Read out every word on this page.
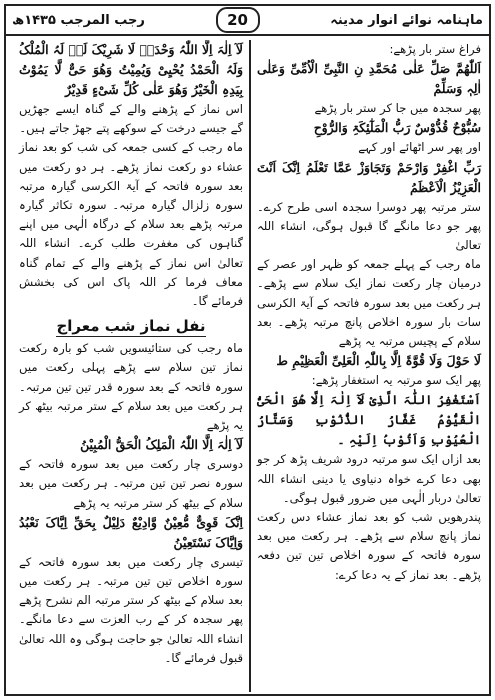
رجب المرجب ۱۴۳۵ھ	20	ماہنامہ نوائے انوار مدینہ

فراغ ستر بار پڑھے:

اَللّٰھُمَّ صَلِّ عَلٰی مُحَمَّدِ نِ النَّبِیِّ الْاُمِّیِّ وَعَلٰی اٰلِہٖ وَسَلِّمْ

پھر سجدہ میں جا کر ستر بار پڑھے

سُبُّوْحٌ قُدُّوْسٌ رَبُّ الْمَلٰٓئِکَۃِ وَالرُّوْحِ

اور پھر سر اٹھائے اور کہے

رَبِّ اغْفِرْ وَارْحَمْ وَتَجَاوَزْ عَمَّا تَعْلَمُ اِنَّکَ اَنْتَ الْعَزِیْزُ الْاَعْظَمُ

ستر مرتبہ پھر دوسرا سجدہ اسی طرح کرے۔ پھر جو دعا مانگے گا قبول ہوگی، انشاء اللہ تعالیٰ

ماہ رجب کے پہلے جمعہ کو ظہر اور عصر کے درمیان چار رکعت نماز ایک سلام سے پڑھے۔ ہر رکعت میں بعد سورہ فاتحہ کے آیۃ الکرسی سات بار سورہ اخلاص پانچ مرتبہ پڑھے۔ بعد سلام کے پچیس مرتبہ یہ پڑھے

لَا حَوْلَ وَلَا قُوَّۃَ اِلَّا بِاللّٰہِ الْعَلِیِّ الْعَظِیْمِ ط

پھر ایک سو مرتبہ یہ استغفار پڑھے:

اَسْتَغْفِرُ اللّٰہَ الَّذِیْ لَآ اِلٰہَ اِلَّا ھُوَ الْحَیُّ الْقَیُّوْمُ غَفَّارُ الذُّنُوْبِ وَسَتَّارُ الْعُیُوْبِ وَاَتُوْبُ اِلَیْہِ ۔

بعد ازاں ایک سو مرتبہ درود شریف پڑھ کر جو بھی دعا کرے خواہ دنیاوی یا دینی انشاء اللہ تعالیٰ دربار الٰہی میں ضرور قبول ہوگی۔

پندرھویں شب کو بعد نماز عشاء دس رکعت نماز پانچ سلام سے پڑھے۔ ہر رکعت میں بعد سورہ فاتحہ کے سورہ اخلاص تین تین دفعہ پڑھے۔ بعد نماز کے یہ دعا کرے:

لَآ اِلٰہَ اِلَّا اللّٰہُ وَحْدَہٗ لَا شَرِیْکَ لَہٗ لَہُ الْمُلْکُ وَلَہُ الْحَمْدُ یُحْیِیْ وَیُمِیْتُ وَھُوَ حَیٌّ لَّا یَمُوْتُ بِیَدِہِ الْخَیْرُ وَھُوَ عَلٰی کُلِّ شَیْءٍ قَدِیْرٌ

اس نماز کے پڑھنے والے کے گناہ ایسے جھڑیں گے جیسے درخت کے سوکھے پتے جھڑ جاتے ہیں۔

ماہ رجب کے کسی جمعہ کی شب کو بعد نماز عشاء دو رکعت نماز پڑھے۔ ہر دو رکعت میں بعد سورہ فاتحہ کے آیۃ الکرسی گیارہ مرتبہ سورہ زلزال گیارہ مرتبہ۔ سورہ تکاثر گیارہ مرتبہ پڑھے بعد سلام کے درگاہ الٰہی میں اپنے گناہوں کی مغفرت طلب کرے۔ انشاء اللہ تعالیٰ اس نماز کے پڑھنے والے کے تمام گناہ معاف فرما کر اللہ پاک اس کی بخشش فرمائے گا۔

نفل نماز شب معراج

ماہ رجب کی ستائیسویں شب کو بارہ رکعت نماز تین سلام سے پڑھے پہلی رکعت میں سورہ فاتحہ کے بعد سورہ قدر تین تین مرتبہ۔ ہر رکعت میں بعد سلام کے ستر مرتبہ بیٹھ کر یہ پڑھے

لَآ اِلٰہَ اِلَّا اللّٰہُ الْمَلِکُ الْحَقُّ الْمُبِیْنُ

دوسری چار رکعت میں بعد سورہ فاتحہ کے سورہ نصر تین تین مرتبہ۔ ہر رکعت میں بعد سلام کے بیٹھ کر ستر مرتبہ یہ پڑھے

اِنَّکَ قَوِیٌّ مُّعِیْنٌ وَّادِیْعٌ دَلِیْلٌ بِحَقِّ اِیَّاکَ نَعْبُدُ وَاِیَّاکَ نَسْتَعِیْنُ

تیسری چار رکعت میں بعد سورہ فاتحہ کے سورہ اخلاص تین تین مرتبہ۔ ہر رکعت میں بعد سلام کے بیٹھ کر ستر مرتبہ الم نشرح پڑھے پھر سجدہ کر کے رب العزت سے دعا مانگے۔ انشاء اللہ تعالیٰ جو حاجت ہوگی وہ اللہ تعالیٰ قبول فرمائے گا۔
